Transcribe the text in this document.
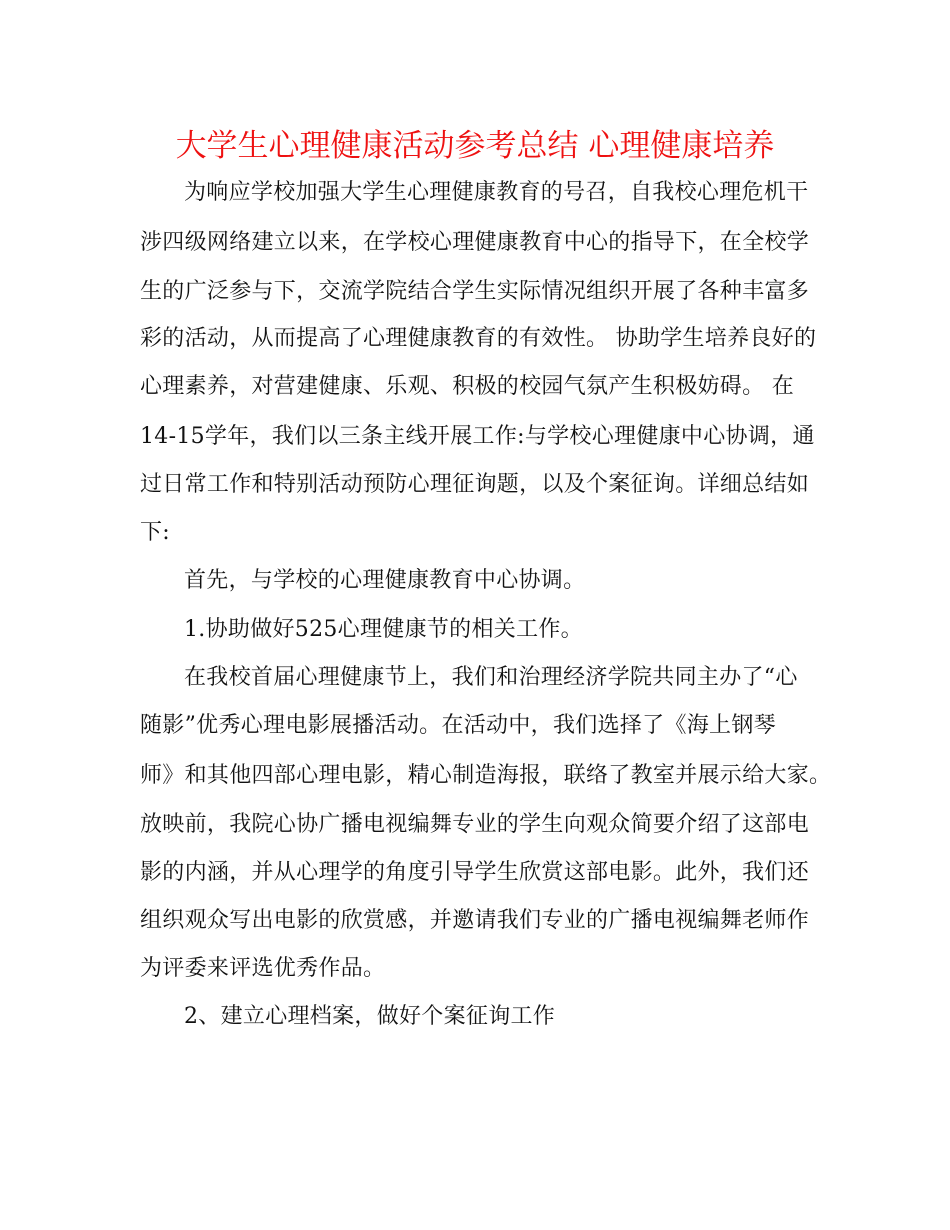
大学生心理健康活动参考总结 心理健康培养
为响应学校加强大学生心理健康教育的号召，自我校心理危机干
涉四级网络建立以来，在学校心理健康教育中心的指导下，在全校学
生的广泛参与下，交流学院结合学生实际情况组织开展了各种丰富多
彩的活动，从而提高了心理健康教育的有效性。 协助学生培养良好的
心理素养，对营建健康、乐观、积极的校园气氛产生积极妨碍。 在
14-15学年，我们以三条主线开展工作:与学校心理健康中心协调，通
过日常工作和特别活动预防心理征询题，以及个案征询。详细总结如
下:
首先，与学校的心理健康教育中心协调。
1.协助做好525心理健康节的相关工作。
在我校首届心理健康节上，我们和治理经济学院共同主办了“心
随影”优秀心理电影展播活动。在活动中，我们选择了《海上钢琴
师》和其他四部心理电影，精心制造海报，联络了教室并展示给大家。
放映前，我院心协广播电视编舞专业的学生向观众简要介绍了这部电
影的内涵，并从心理学的角度引导学生欣赏这部电影。此外，我们还
组织观众写出电影的欣赏感，并邀请我们专业的广播电视编舞老师作
为评委来评选优秀作品。
2、建立心理档案，做好个案征询工作
